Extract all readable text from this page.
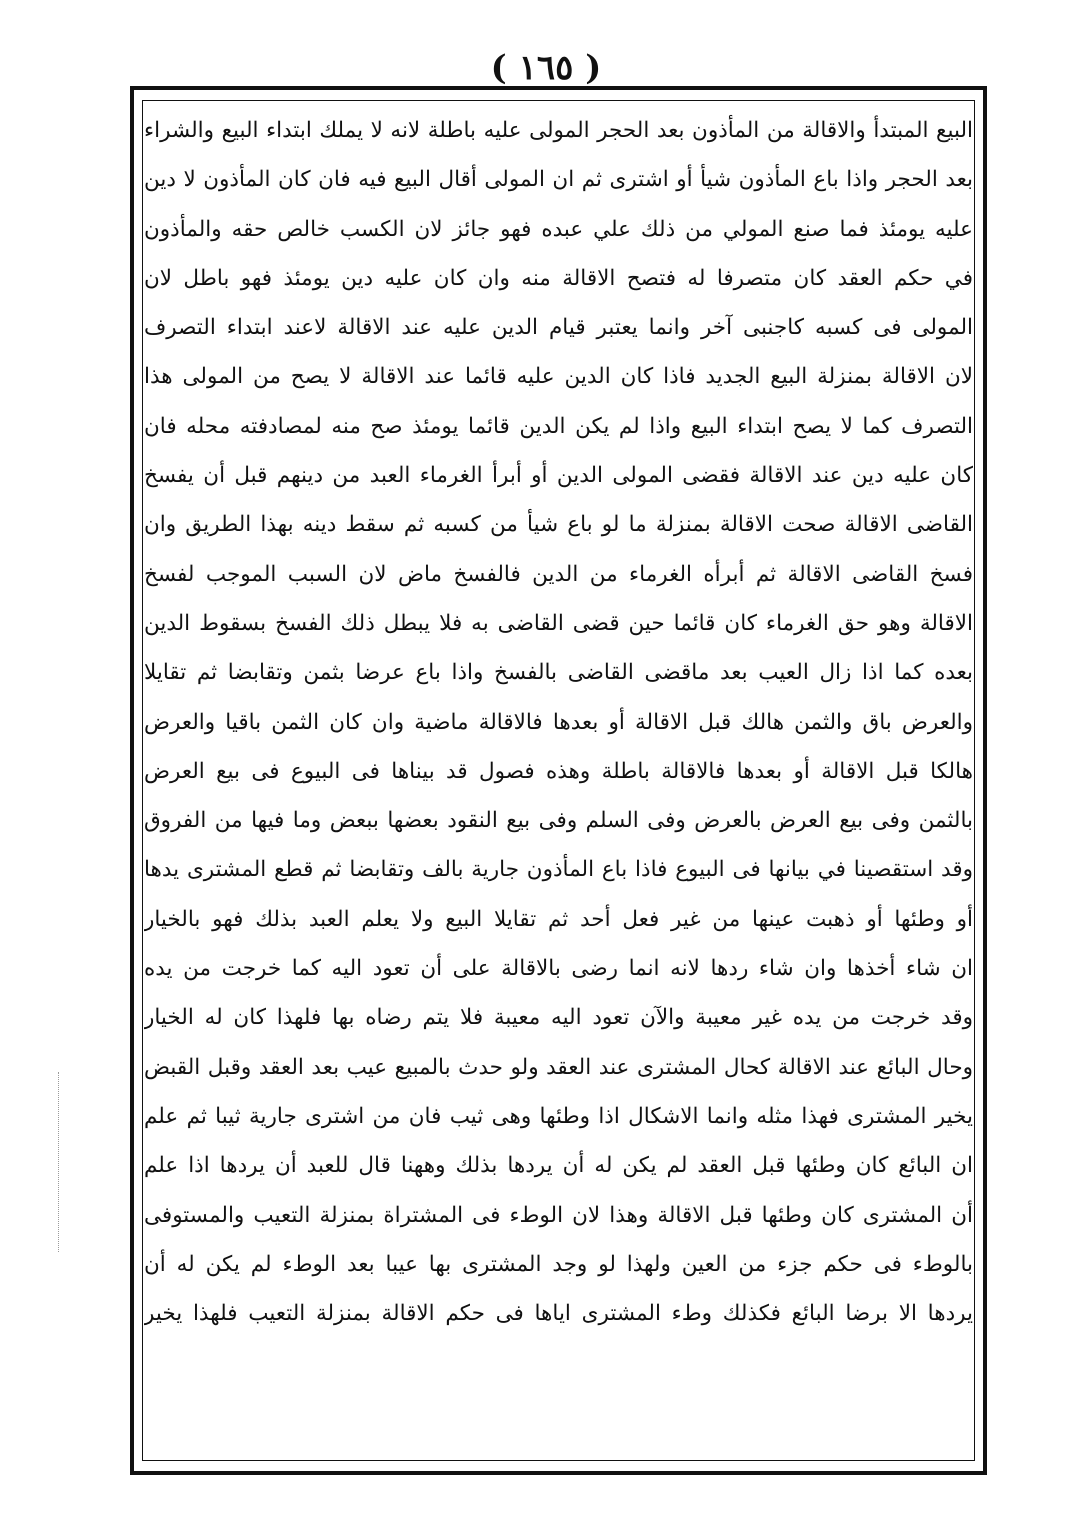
( ١٦٥ )
البيع المبتدأ والاقالة من المأذون بعد الحجر المولى عليه باطلة لانه لا يملك ابتداء البيع والشراء
بعد الحجر واذا باع المأذون شيأ أو اشترى ثم ان المولى أقال البيع فيه فان كان المأذون لا دين
عليه يومئذ فما صنع المولي من ذلك علي عبده فهو جائز لان الكسب خالص حقه والمأذون
في حكم العقد كان متصرفا له فتصح الاقالة منه وان كان عليه دين يومئذ فهو باطل لان
المولى فى كسبه كاجنبى آخر وانما يعتبر قيام الدين عليه عند الاقالة لاعند ابتداء التصرف
لان الاقالة بمنزلة البيع الجديد فاذا كان الدين عليه قائما عند الاقالة لا يصح من المولى هذا
التصرف كما لا يصح ابتداء البيع واذا لم يكن الدين قائما يومئذ صح منه لمصادفته محله فان
كان عليه دين عند الاقالة فقضى المولى الدين أو أبرأ الغرماء العبد من دينهم قبل أن يفسخ
القاضى الاقالة صحت الاقالة بمنزلة ما لو باع شيأ من كسبه ثم سقط دينه بهذا الطريق وان
فسخ القاضى الاقالة ثم أبرأه الغرماء من الدين فالفسخ ماض لان السبب الموجب لفسخ
الاقالة وهو حق الغرماء كان قائما حين قضى القاضى به فلا يبطل ذلك الفسخ بسقوط الدين
بعده كما اذا زال العيب بعد ماقضى القاضى بالفسخ واذا باع عرضا بثمن وتقابضا ثم تقايلا
والعرض باق والثمن هالك قبل الاقالة أو بعدها فالاقالة ماضية وان كان الثمن باقيا والعرض
هالكا قبل الاقالة أو بعدها فالاقالة باطلة وهذه فصول قد بيناها فى البيوع فى بيع العرض
بالثمن وفى بيع العرض بالعرض وفى السلم وفى بيع النقود بعضها ببعض وما فيها من الفروق
وقد استقصينا في بيانها فى البيوع فاذا باع المأذون جارية بالف وتقابضا ثم قطع المشترى يدها
أو وطئها أو ذهبت عينها من غير فعل أحد ثم تقايلا البيع ولا يعلم العبد بذلك فهو بالخيار
ان شاء أخذها وان شاء ردها لانه انما رضى بالاقالة على أن تعود اليه كما خرجت من يده
وقد خرجت من يده غير معيبة والآن تعود اليه معيبة فلا يتم رضاه بها فلهذا كان له الخيار
وحال البائع عند الاقالة كحال المشترى عند العقد ولو حدث بالمبيع عيب بعد العقد وقبل القبض
يخير المشترى فهذا مثله وانما الاشكال اذا وطئها وهى ثيب فان من اشترى جارية ثيبا ثم علم
ان البائع كان وطئها قبل العقد لم يكن له أن يردها بذلك وههنا قال للعبد أن يردها اذا علم
أن المشترى كان وطئها قبل الاقالة وهذا لان الوطء فى المشتراة بمنزلة التعيب والمستوفى
بالوطء فى حكم جزء من العين ولهذا لو وجد المشترى بها عيبا بعد الوطء لم يكن له أن
يردها الا برضا البائع فكذلك وطء المشترى اياها فى حكم الاقالة بمنزلة التعيب فلهذا يخير
